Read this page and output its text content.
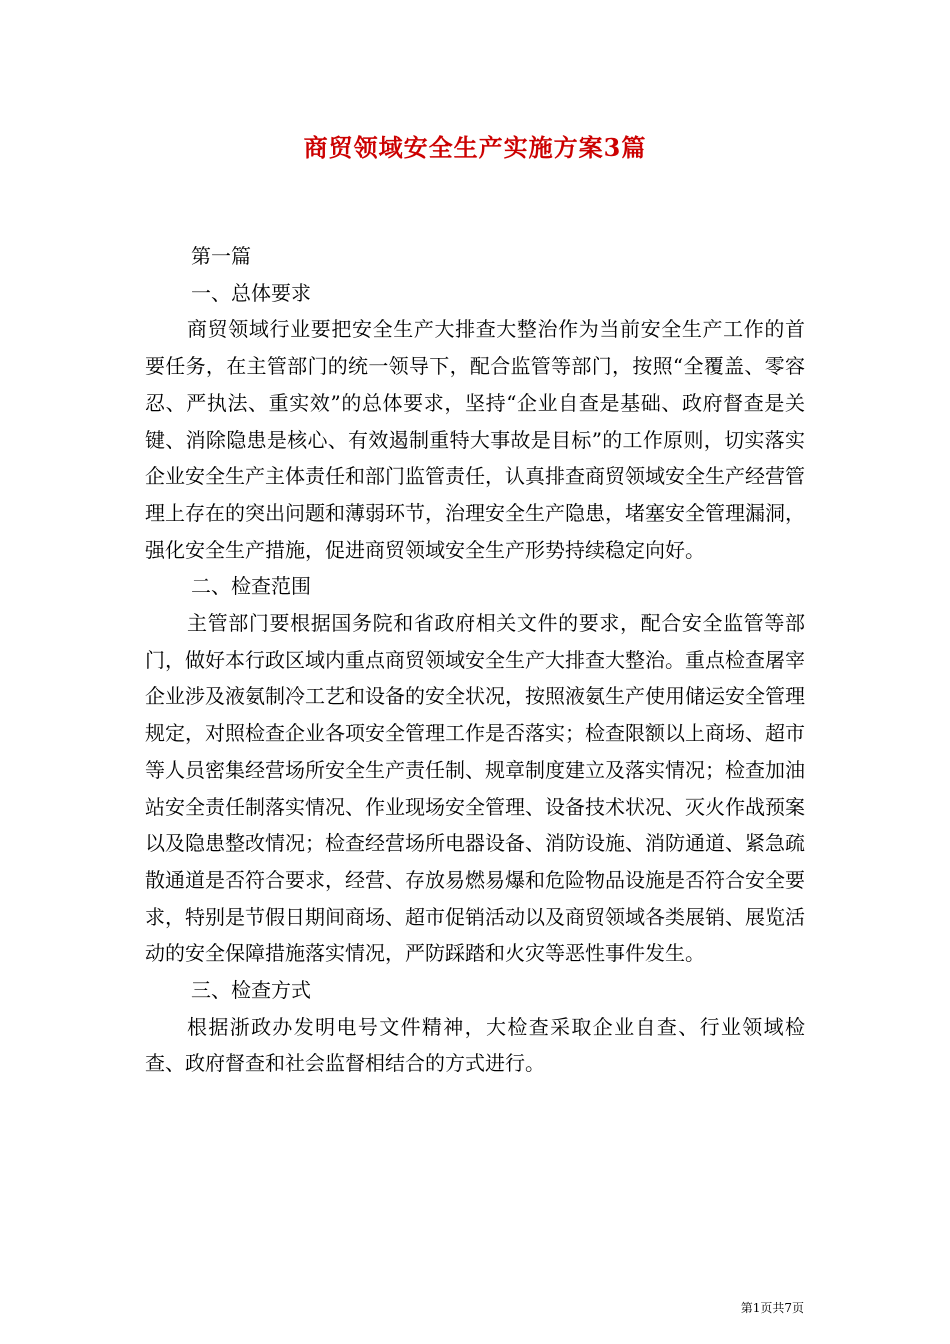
商贸领域安全生产实施方案3篇

第一篇

一、总体要求

商贸领域行业要把安全生产大排查大整治作为当前安全生产工作的首要任务，在主管部门的统一领导下，配合监管等部门，按照“全覆盖、零容忍、严执法、重实效”的总体要求，坚持“企业自查是基础、政府督查是关键、消除隐患是核心、有效遏制重特大事故是目标”的工作原则，切实落实企业安全生产主体责任和部门监管责任，认真排查商贸领域安全生产经营管理上存在的突出问题和薄弱环节，治理安全生产隐患，堵塞安全管理漏洞，强化安全生产措施，促进商贸领域安全生产形势持续稳定向好。

二、检查范围

主管部门要根据国务院和省政府相关文件的要求，配合安全监管等部门，做好本行政区域内重点商贸领域安全生产大排查大整治。重点检查屠宰企业涉及液氨制冷工艺和设备的安全状况，按照液氨生产使用储运安全管理规定，对照检查企业各项安全管理工作是否落实；检查限额以上商场、超市等人员密集经营场所安全生产责任制、规章制度建立及落实情况；检查加油站安全责任制落实情况、作业现场安全管理、设备技术状况、灭火作战预案以及隐患整改情况；检查经营场所电器设备、消防设施、消防通道、紧急疏散通道是否符合要求，经营、存放易燃易爆和危险物品设施是否符合安全要求，特别是节假日期间商场、超市促销活动以及商贸领域各类展销、展览活动的安全保障措施落实情况，严防踩踏和火灾等恶性事件发生。

三、检查方式

根据浙政办发明电号文件精神，大检查采取企业自查、行业领域检查、政府督查和社会监督相结合的方式进行。

第1页共7页
